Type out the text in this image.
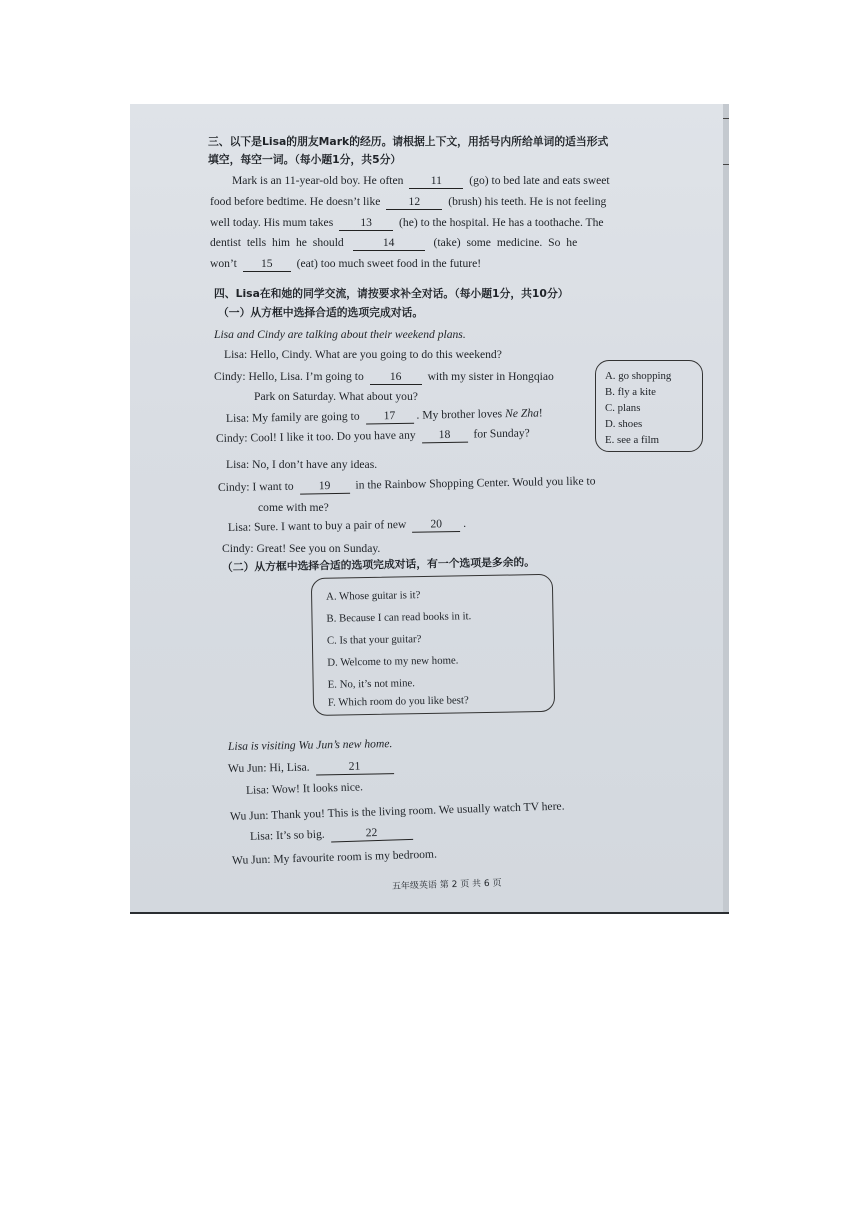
三、以下是Lisa的朋友Mark的经历。请根据上下文，用括号内所给单词的适当形式
填空，每空一词。（每小题1分，共5分）
Mark is an 11-year-old boy. He often 11 (go) to bed late and eats sweet
food before bedtime. He doesn’t like 12 (brush) his teeth. He is not feeling
well today. His mum takes 13 (he) to the hospital. He has a toothache. The
dentist tells him he should	14	(take) some medicine. So he
won’t 15 (eat) too much sweet food in the future!
四、Lisa在和她的同学交流，请按要求补全对话。（每小题1分，共10分）
（一）从方框中选择合适的选项完成对话。
Lisa and Cindy are talking about their weekend plans.
Lisa: Hello, Cindy. What are you going to do this weekend?
Cindy: Hello, Lisa. I’m going to 16 with my sister in Hongqiao
Park on Saturday. What about you?
Lisa: My family are going to 17 . My brother loves Ne Zha!
Cindy: Cool! I like it too. Do you have any 18 for Sunday?
Lisa: No, I don’t have any ideas.
Cindy: I want to 19 in the Rainbow Shopping Center. Would you like to
come with me?
Lisa: Sure. I want to buy a pair of new 20 .
Cindy: Great! See you on Sunday.
A. go shopping
B. fly a kite
C. plans
D. shoes
E. see a film
（二）从方框中选择合适的选项完成对话，有一个选项是多余的。
A. Whose guitar is it?
B. Because I can read books in it.
C. Is that your guitar?
D. Welcome to my new home.
E. No, it’s not mine.
F. Which room do you like best?
Lisa is visiting Wu Jun’s new home.
Wu Jun: Hi, Lisa.	21
Lisa: Wow! It looks nice.
Wu Jun: Thank you! This is the living room. We usually watch TV here.
Lisa: It’s so big.	22
Wu Jun: My favourite room is my bedroom.
五年级英语 第 2 页 共 6 页
